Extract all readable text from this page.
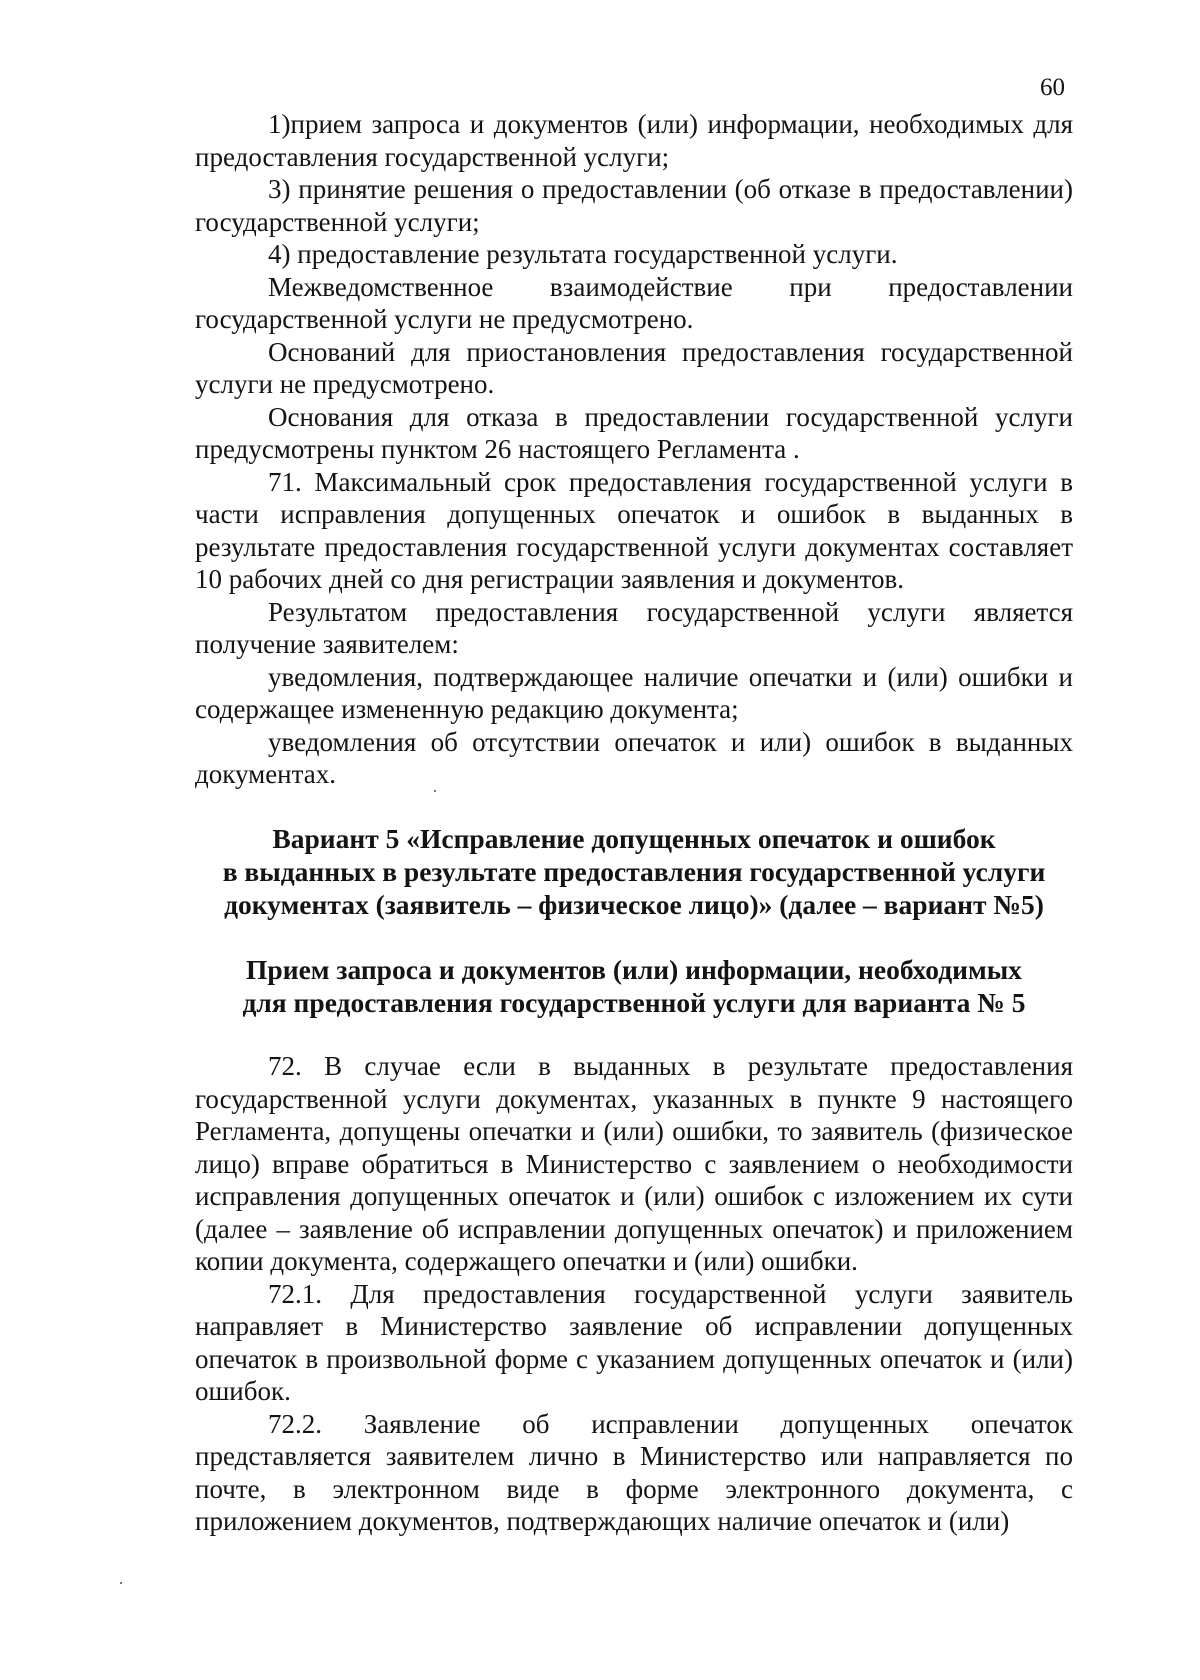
60

1)прием запроса и документов (или) информации, необходимых для предоставления государственной услуги;

3) принятие решения о предоставлении (об отказе в предоставлении) государственной услуги;

4) предоставление результата государственной услуги.

Межведомственное взаимодействие при предоставлении государственной услуги не предусмотрено.

Оснований для приостановления предоставления государственной услуги не предусмотрено.

Основания для отказа в предоставлении государственной услуги предусмотрены пунктом 26 настоящего Регламента .

71. Максимальный срок предоставления государственной услуги в части исправления допущенных опечаток и ошибок в выданных в результате предоставления государственной услуги документах составляет 10 рабочих дней со дня регистрации заявления и документов.

Результатом предоставления государственной услуги является получение заявителем:

уведомления, подтверждающее наличие опечатки и (или) ошибки и содержащее измененную редакцию документа;

уведомления об отсутствии опечаток и или) ошибок в выданных документах.

Вариант 5 «Исправление допущенных опечаток и ошибок
в выданных в результате предоставления государственной услуги
документах (заявитель – физическое лицо)» (далее – вариант №5)
Прием запроса и документов (или) информации, необходимых
для предоставления государственной услуги для варианта № 5

72. В случае если в выданных в результате предоставления государственной услуги документах, указанных в пункте 9 настоящего Регламента, допущены опечатки и (или) ошибки, то заявитель (физическое лицо) вправе обратиться в Министерство с заявлением о необходимости исправления допущенных опечаток и (или) ошибок с изложением их сути (далее – заявление об исправлении допущенных опечаток) и приложением копии документа, содержащего опечатки и (или) ошибки.

72.1. Для предоставления государственной услуги заявитель направляет в Министерство заявление об исправлении допущенных опечаток в произвольной форме с указанием допущенных опечаток и (или) ошибок.

72.2. Заявление об исправлении допущенных опечаток представляется заявителем лично в Министерство или направляется по почте, в электронном виде в форме электронного документа, с приложением документов, подтверждающих наличие опечаток и (или)
